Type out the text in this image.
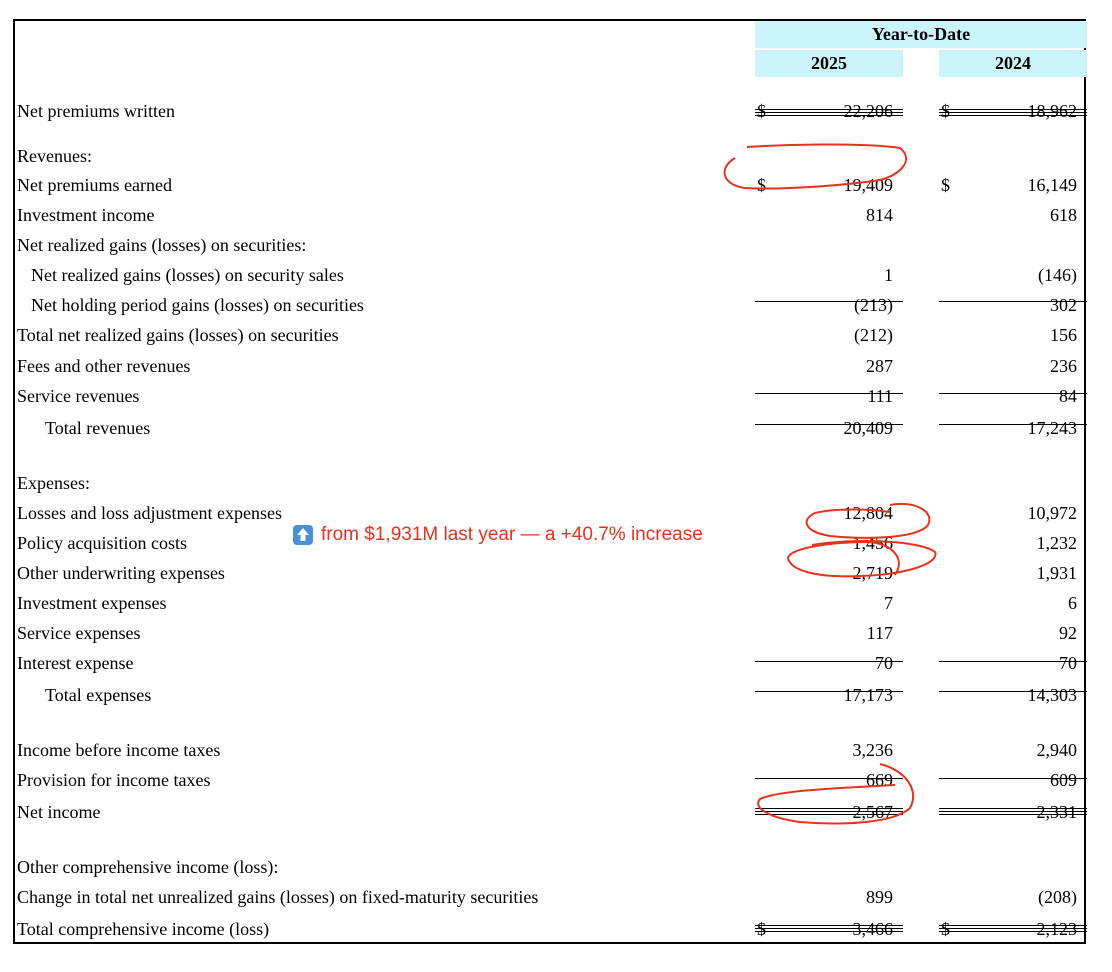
Year-to-Date
2025	2024
Net premiums written	$	22,206	$	18,962
Revenues:
Net premiums earned	$	19,409	$	16,149
Investment income	814	618
Net realized gains (losses) on securities:
Net realized gains (losses) on security sales	1	(146)
Net holding period gains (losses) on securities	(213)	302
Total net realized gains (losses) on securities	(212)	156
Fees and other revenues	287	236
Service revenues	111	84
Total revenues	20,409	17,243
Expenses:
Losses and loss adjustment expenses	12,804	10,972
Policy acquisition costs	1,456	1,232
Other underwriting expenses	2,719	1,931
Investment expenses	7	6
Service expenses	117	92
Interest expense	70	70
Total expenses	17,173	14,303
Income before income taxes	3,236	2,940
Provision for income taxes	669	609
Net income	2,567	2,331
Other comprehensive income (loss):
Change in total net unrealized gains (losses) on fixed-maturity securities	899	(208)
Total comprehensive income (loss)	$	3,466	$	2,123
from $1,931M last year — a +40.7% increase
